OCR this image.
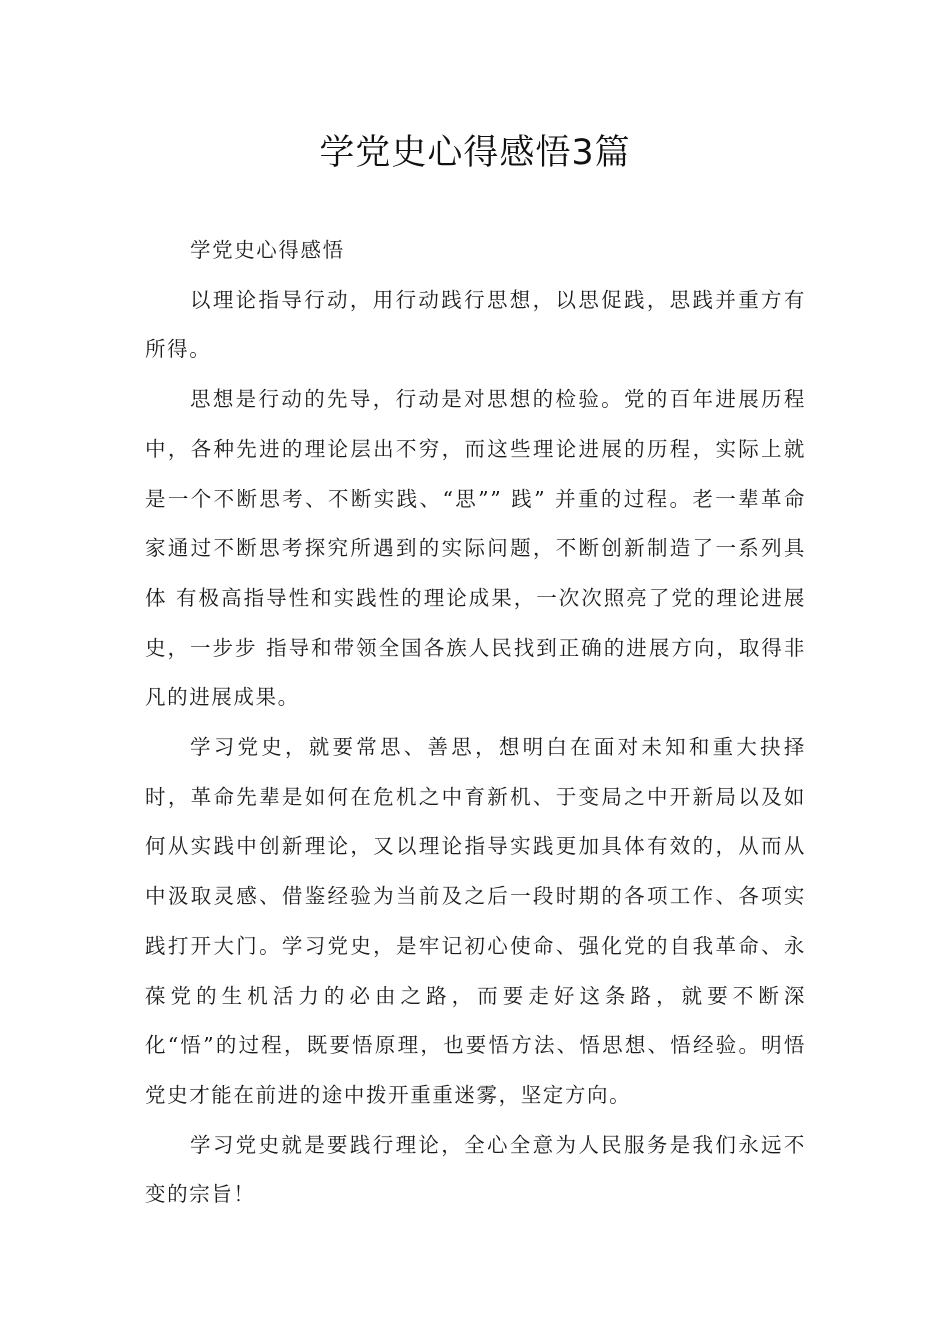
学党史心得感悟3篇

学党史心得感悟

以理论指导行动，用行动践行思想，以思促践，思践并重方有所得。

思想是行动的先导，行动是对思想的检验。党的百年进展历程中，各种先进的理论层出不穷，而这些理论进展的历程，实际上就是一个不断思考、不断实践、“思”” 践” 并重的过程。老一辈革命家通过不断思考探究所遇到的实际问题，不断创新制造了一系列具体 有极高指导性和实践性的理论成果，一次次照亮了党的理论进展史，一步步 指导和带领全国各族人民找到正确的进展方向，取得非凡的进展成果。

学习党史，就要常思、善思，想明白在面对未知和重大抉择时，革命先辈是如何在危机之中育新机、于变局之中开新局以及如何从实践中创新理论，又以理论指导实践更加具体有效的，从而从中汲取灵感、借鉴经验为当前及之后一段时期的各项工作、各项实践打开大门。学习党史，是牢记初心使命、强化党的自我革命、永葆党的生机活力的必由之路，而要走好这条路，就要不断深化“悟”的过程，既要悟原理，也要悟方法、悟思想、悟经验。明悟党史才能在前进的途中拨开重重迷雾，坚定方向。

学习党史就是要践行理论，全心全意为人民服务是我们永远不变的宗旨！
